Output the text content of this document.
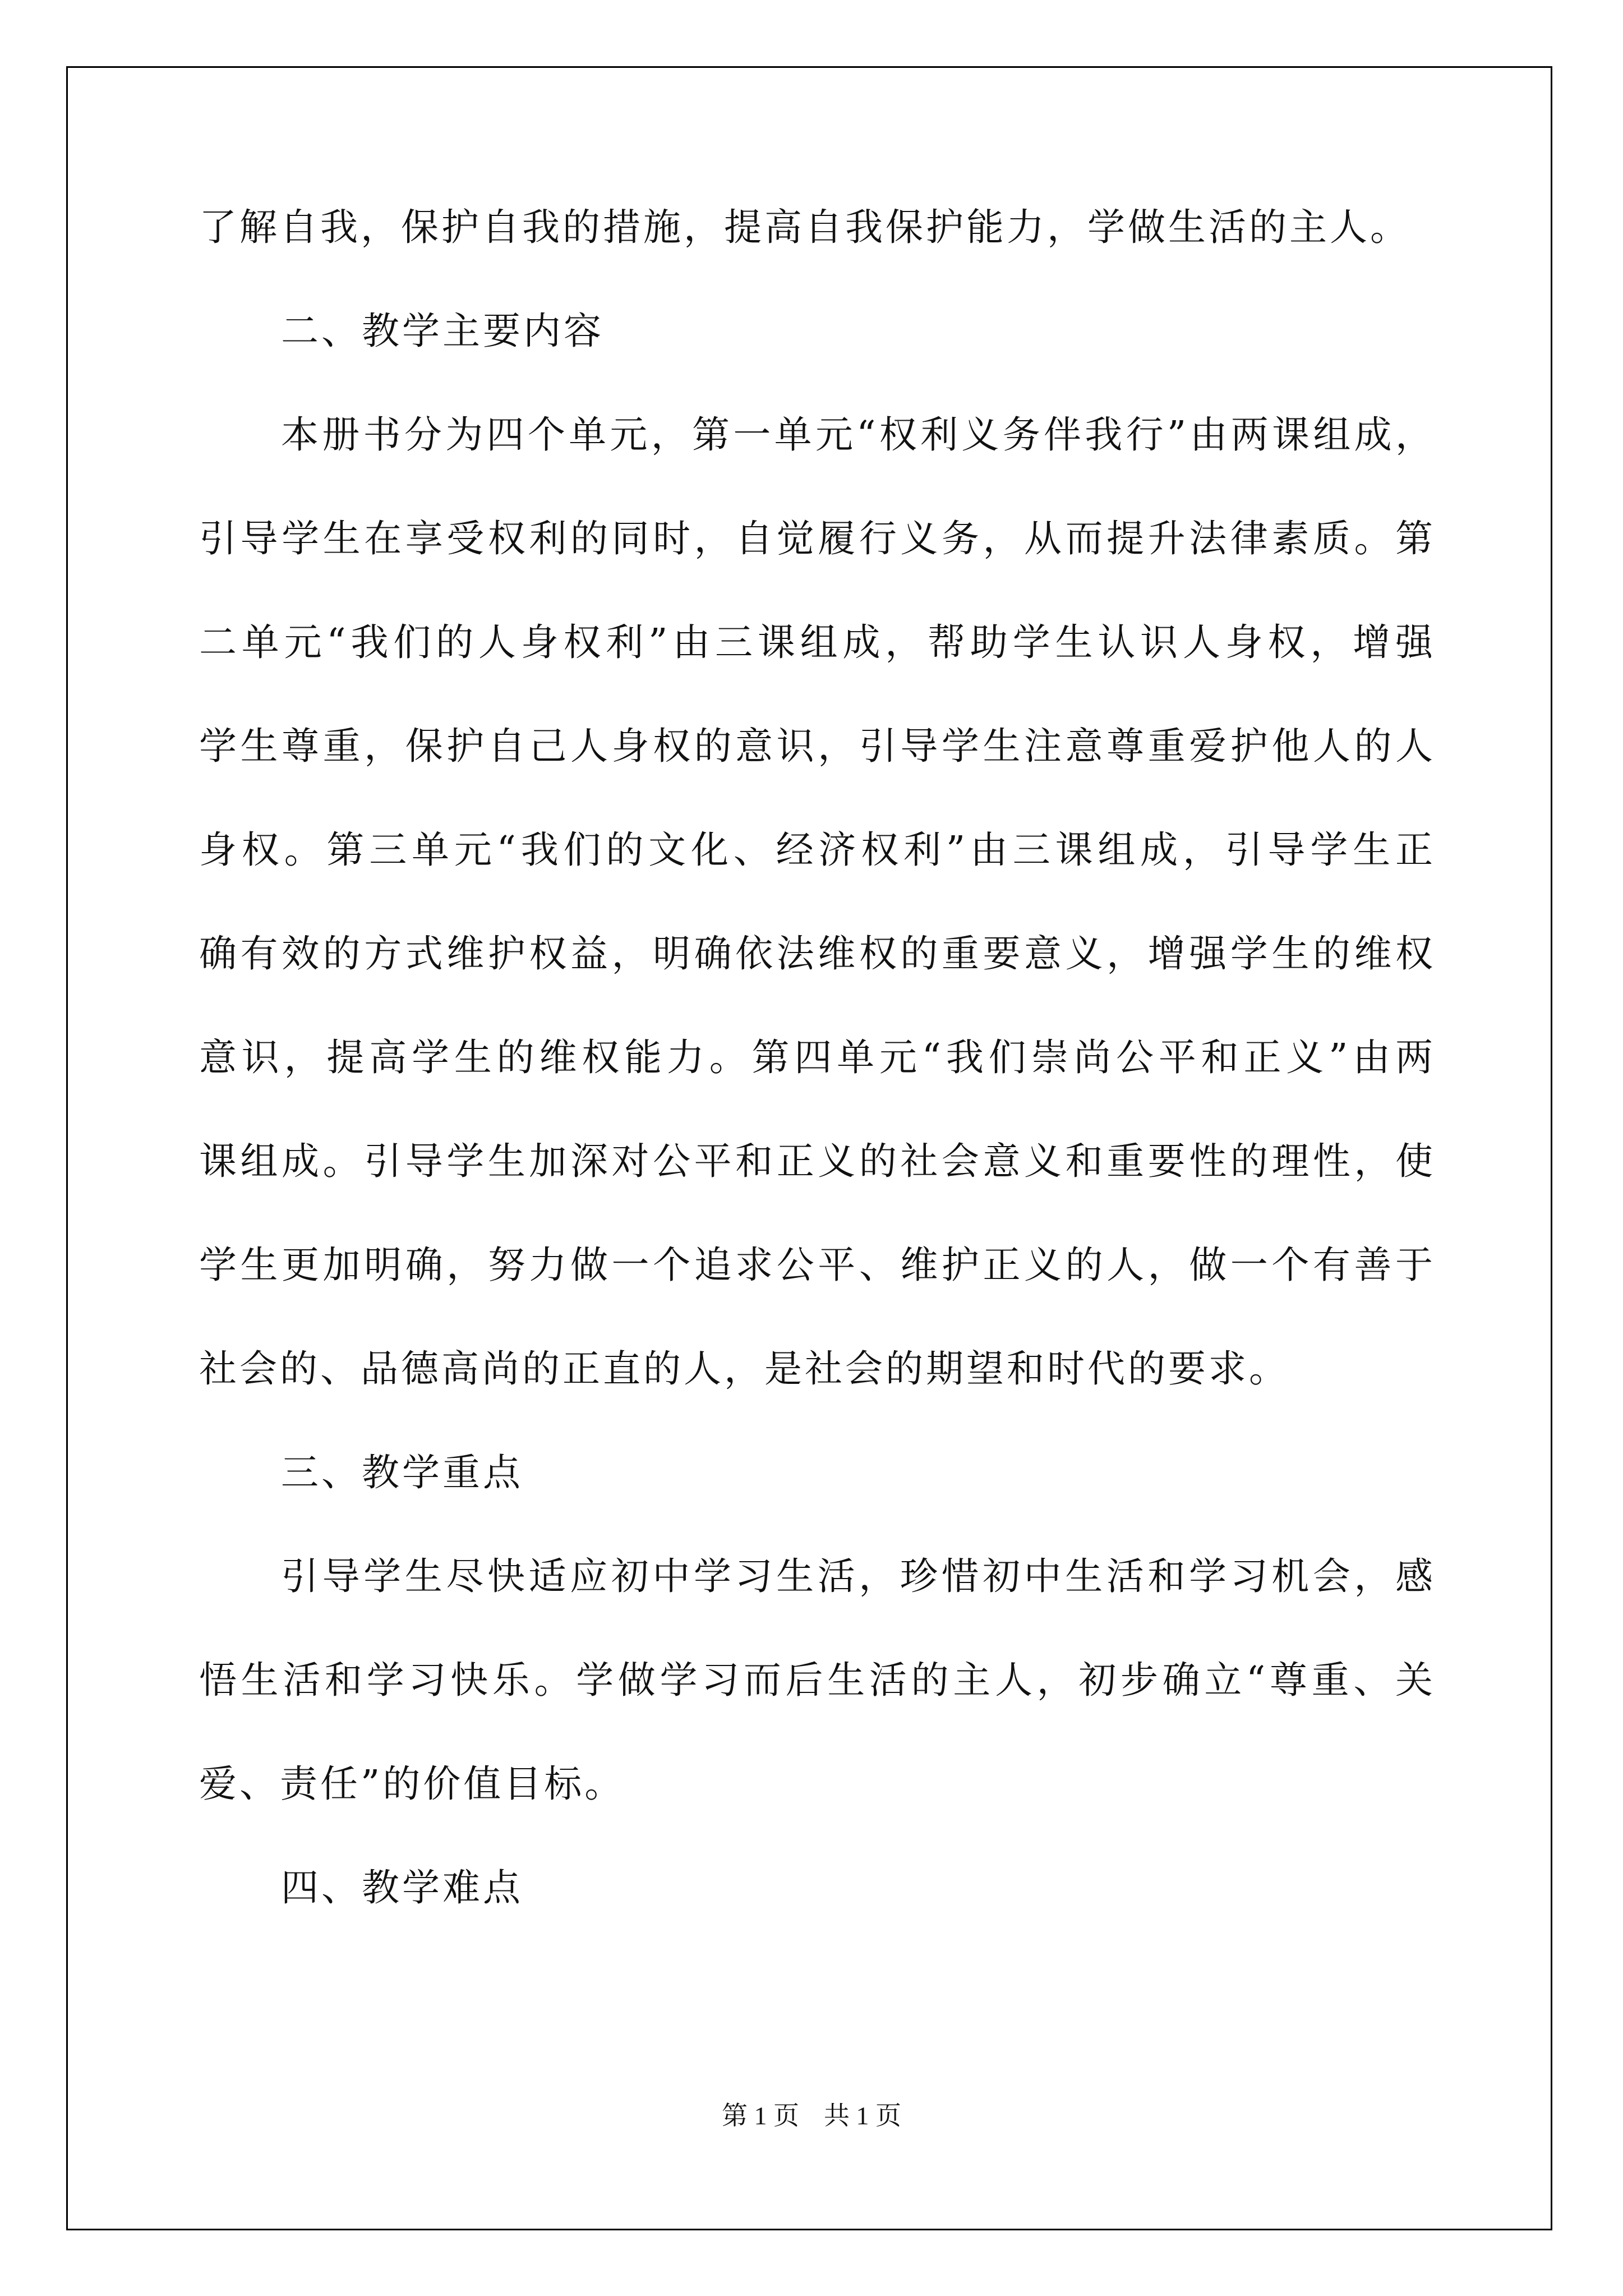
了解自我，保护自我的措施，提高自我保护能力，学做生活的主人。
二、教学主要内容
本册书分为四个单元，第一单元“权利义务伴我行”由两课组成，
引导学生在享受权利的同时，自觉履行义务，从而提升法律素质。第
二单元“我们的人身权利”由三课组成，帮助学生认识人身权，增强
学生尊重，保护自己人身权的意识，引导学生注意尊重爱护他人的人
身权。第三单元“我们的文化、经济权利”由三课组成，引导学生正
确有效的方式维护权益，明确依法维权的重要意义，增强学生的维权
意识，提高学生的维权能力。第四单元“我们崇尚公平和正义”由两
课组成。引导学生加深对公平和正义的社会意义和重要性的理性，使
学生更加明确，努力做一个追求公平、维护正义的人，做一个有善于
社会的、品德高尚的正直的人，是社会的期望和时代的要求。
三、教学重点
引导学生尽快适应初中学习生活，珍惜初中生活和学习机会，感
悟生活和学习快乐。学做学习而后生活的主人，初步确立“尊重、关
爱、责任”的价值目标。
四、教学难点
第 1 页 共 1 页
